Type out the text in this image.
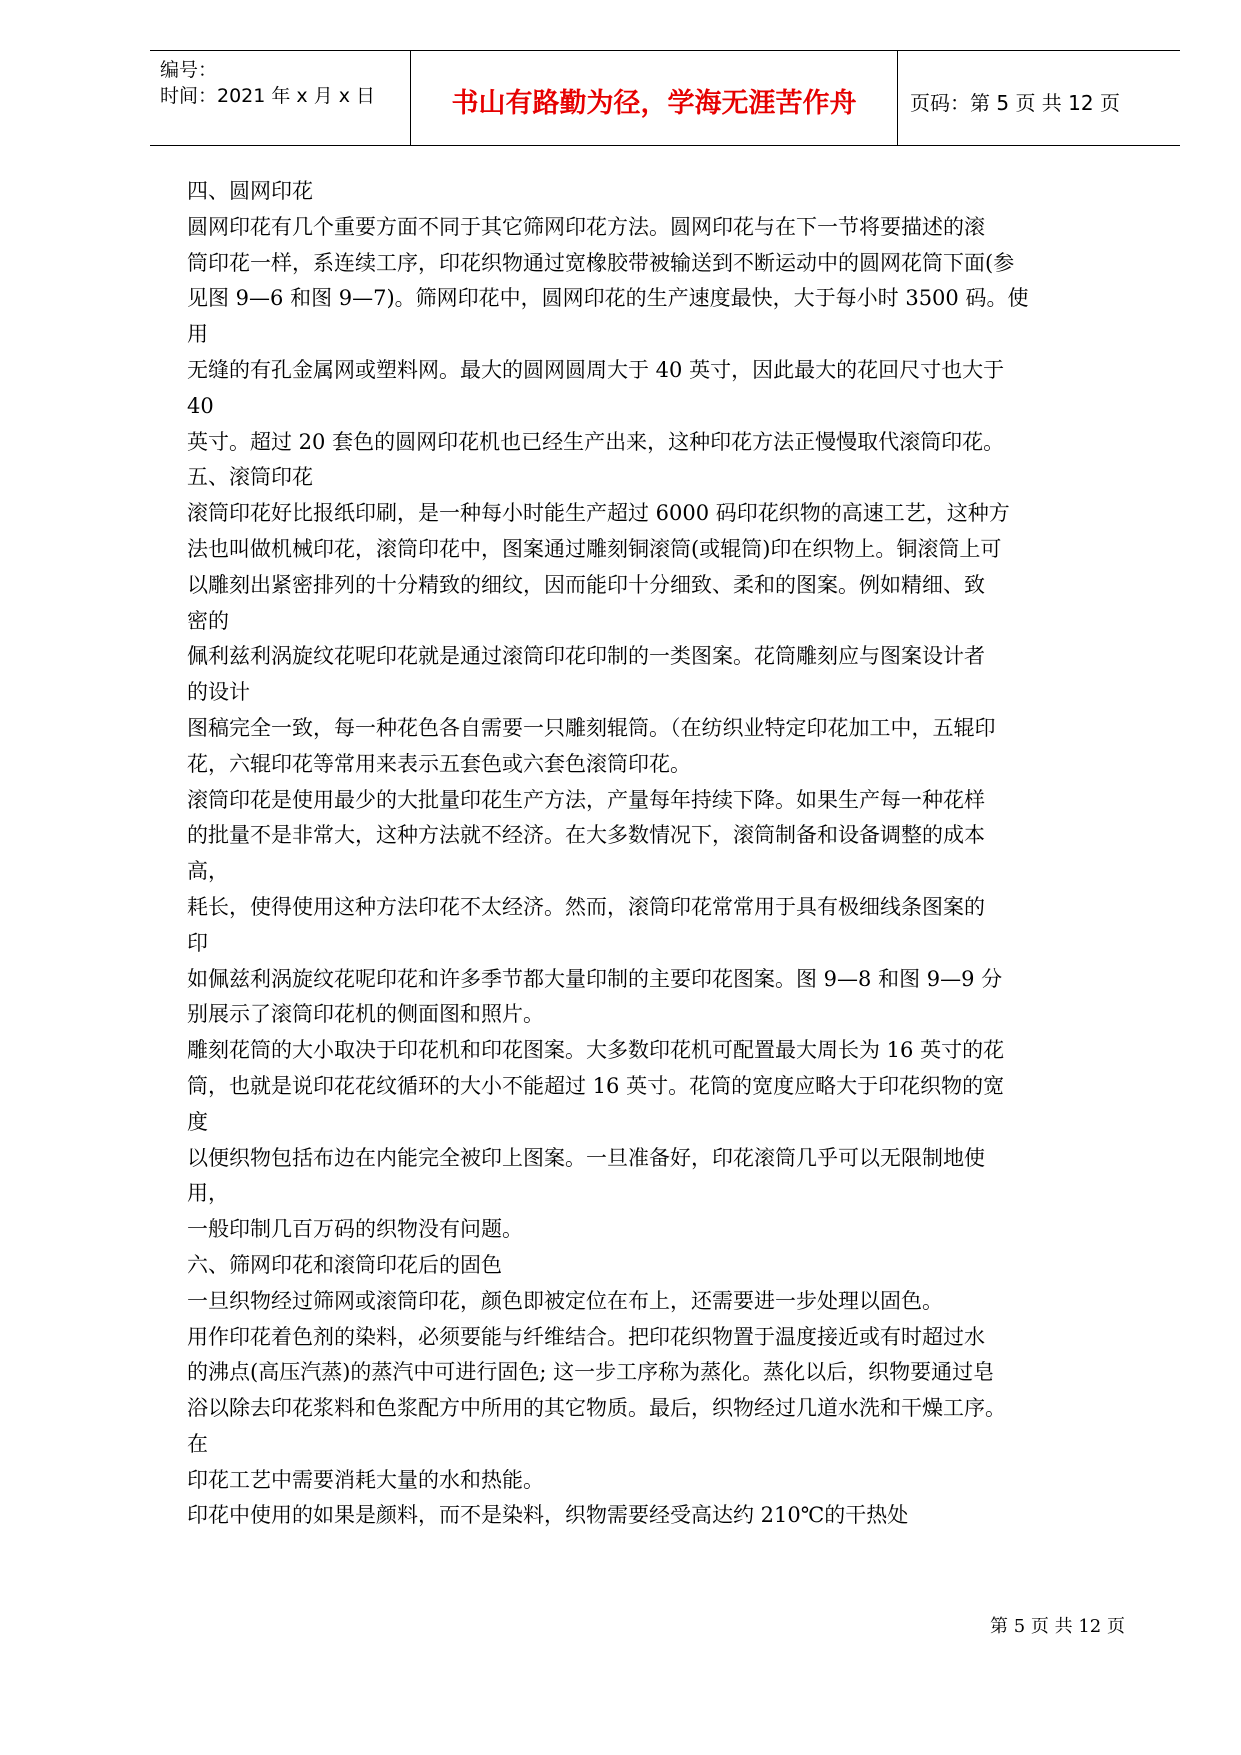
编号：
时间：2021 年 x 月 x 日	书山有路勤为径，学海无涯苦作舟	页码：第 5 页 共 12 页
四、圆网印花
圆网印花有几个重要方面不同于其它筛网印花方法。圆网印花与在下一节将要描述的滚
筒印花一样，系连续工序，印花织物通过宽橡胶带被输送到不断运动中的圆网花筒下面(参
见图 9—6 和图 9—7)。筛网印花中，圆网印花的生产速度最快，大于每小时 3500 码。使
用
无缝的有孔金属网或塑料网。最大的圆网圆周大于 40 英寸，因此最大的花回尺寸也大于
40
英寸。超过 20 套色的圆网印花机也已经生产出来，这种印花方法正慢慢取代滚筒印花。
五、滚筒印花
滚筒印花好比报纸印刷，是一种每小时能生产超过 6000 码印花织物的高速工艺，这种方
法也叫做机械印花，滚筒印花中，图案通过雕刻铜滚筒(或辊筒)印在织物上。铜滚筒上可
以雕刻出紧密排列的十分精致的细纹，因而能印十分细致、柔和的图案。例如精细、致
密的
佩利兹利涡旋纹花呢印花就是通过滚筒印花印制的一类图案。花筒雕刻应与图案设计者
的设计
图稿完全一致，每一种花色各自需要一只雕刻辊筒。（在纺织业特定印花加工中，五辊印
花，六辊印花等常用来表示五套色或六套色滚筒印花。
滚筒印花是使用最少的大批量印花生产方法，产量每年持续下降。如果生产每一种花样
的批量不是非常大，这种方法就不经济。在大多数情况下，滚筒制备和设备调整的成本
高，
耗长，使得使用这种方法印花不太经济。然而，滚筒印花常常用于具有极细线条图案的
印
如佩兹利涡旋纹花呢印花和许多季节都大量印制的主要印花图案。图 9—8 和图 9—9 分
别展示了滚筒印花机的侧面图和照片。
雕刻花筒的大小取决于印花机和印花图案。大多数印花机可配置最大周长为 16 英寸的花
筒，也就是说印花花纹循环的大小不能超过 16 英寸。花筒的宽度应略大于印花织物的宽
度
以便织物包括布边在内能完全被印上图案。一旦准备好，印花滚筒几乎可以无限制地使
用，
一般印制几百万码的织物没有问题。
六、筛网印花和滚筒印花后的固色
一旦织物经过筛网或滚筒印花，颜色即被定位在布上，还需要进一步处理以固色。
用作印花着色剂的染料，必须要能与纤维结合。把印花织物置于温度接近或有时超过水
的沸点(高压汽蒸)的蒸汽中可进行固色; 这一步工序称为蒸化。蒸化以后，织物要通过皂
浴以除去印花浆料和色浆配方中所用的其它物质。最后，织物经过几道水洗和干燥工序。
在
印花工艺中需要消耗大量的水和热能。
印花中使用的如果是颜料，而不是染料，织物需要经受高达约 210℃的干热处
第 5 页 共 12 页
